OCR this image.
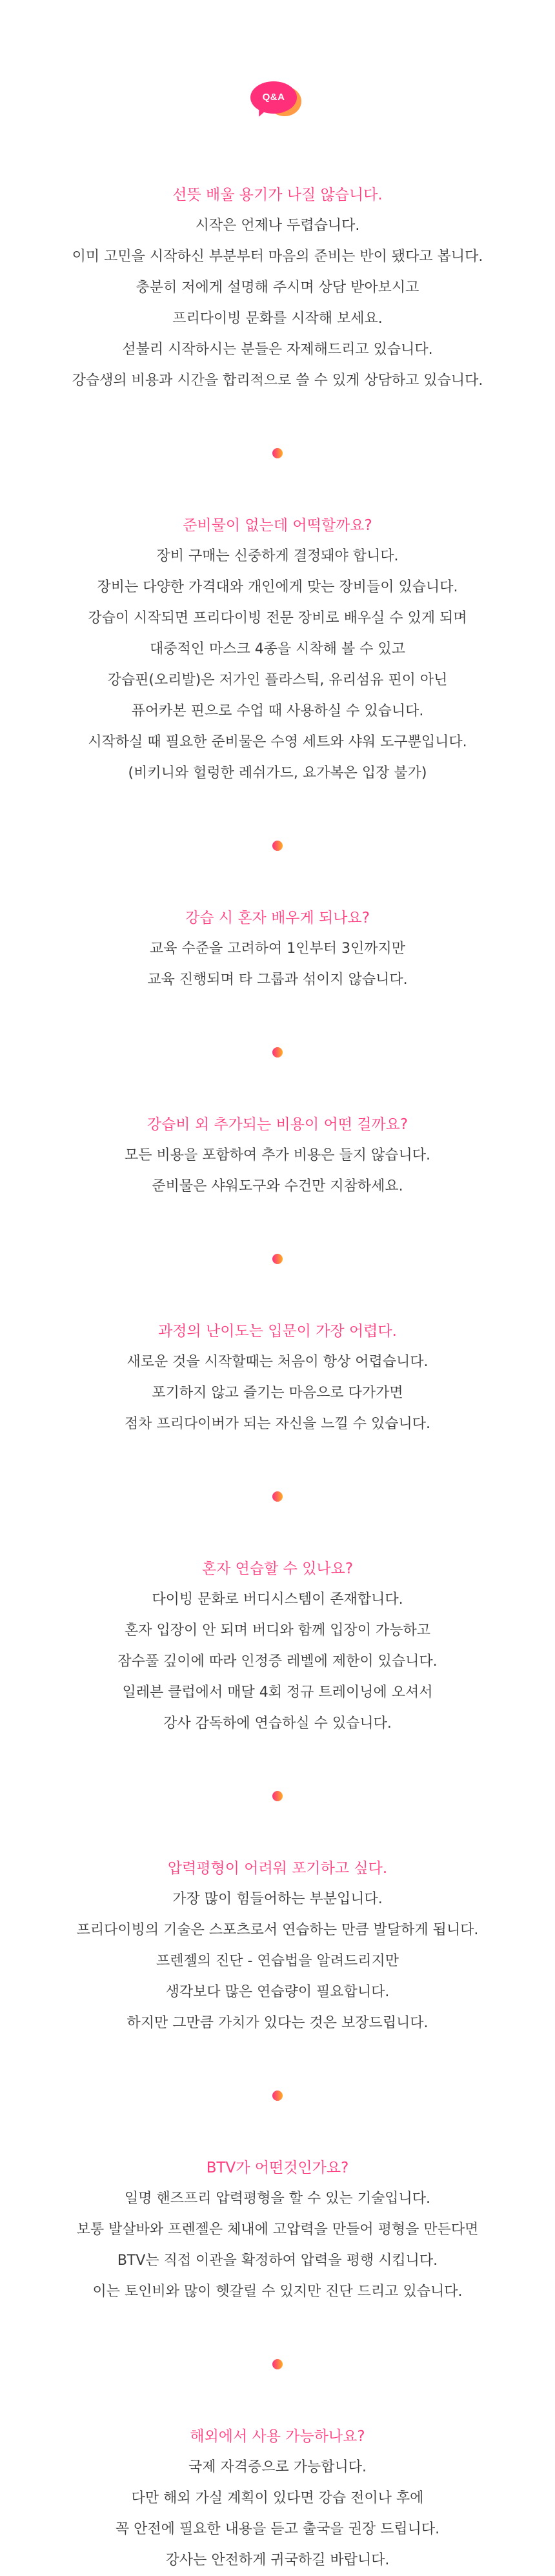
Q&A
선뜻 배울 용기가 나질 않습니다.

시작은 언제나 두렵습니다.

이미 고민을 시작하신 부분부터 마음의 준비는 반이 됐다고 봅니다.

충분히 저에게 설명해 주시며 상담 받아보시고

프리다이빙 문화를 시작해 보세요.

섣불리 시작하시는 분들은 자제해드리고 있습니다.

강습생의 비용과 시간을 합리적으로 쓸 수 있게 상담하고 있습니다.

준비물이 없는데 어떡할까요?

장비 구매는 신중하게 결정돼야 합니다.

장비는 다양한 가격대와 개인에게 맞는 장비들이 있습니다.

강습이 시작되면 프리다이빙 전문 장비로 배우실 수 있게 되며

대중적인 마스크 4종을 시착해 볼 수 있고

강습핀(오리발)은 저가인 플라스틱, 유리섬유 핀이 아닌

퓨어카본 핀으로 수업 때 사용하실 수 있습니다.

시작하실 때 필요한 준비물은 수영 세트와 샤워 도구뿐입니다.

(비키니와 헐렁한 레쉬가드, 요가복은 입장 불가)

강습 시 혼자 배우게 되나요?

교육 수준을 고려하여 1인부터 3인까지만

교육 진행되며 타 그룹과 섞이지 않습니다.

강습비 외 추가되는 비용이 어떤 걸까요?

모든 비용을 포함하여 추가 비용은 들지 않습니다.

준비물은 샤워도구와 수건만 지참하세요.

과정의 난이도는 입문이 가장 어렵다.

새로운 것을 시작할때는 처음이 항상 어렵습니다.

포기하지 않고 즐기는 마음으로 다가가면

점차 프리다이버가 되는 자신을 느낄 수 있습니다.

혼자 연습할 수 있나요?

다이빙 문화로 버디시스템이 존재합니다.

혼자 입장이 안 되며 버디와 함께 입장이 가능하고

잠수풀 깊이에 따라 인정증 레벨에 제한이 있습니다.

일레븐 클럽에서 매달 4회 정규 트레이닝에 오셔서

강사 감독하에 연습하실 수 있습니다.

압력평형이 어려워 포기하고 싶다.

가장 많이 힘들어하는 부분입니다.

프리다이빙의 기술은 스포츠로서 연습하는 만큼 발달하게 됩니다.

프렌젤의 진단 - 연습법을 알려드리지만

생각보다 많은 연습량이 필요합니다.

하지만 그만큼 가치가 있다는 것은 보장드립니다.

BTV가 어떤것인가요?

일명 핸즈프리 압력평형을 할 수 있는 기술입니다.

보통 발살바와 프렌젤은 체내에 고압력을 만들어 평형을 만든다면

BTV는 직접 이관을 확정하여 압력을 평행 시킵니다.

이는 토인비와 많이 헷갈릴 수 있지만 진단 드리고 있습니다.

해외에서 사용 가능하나요?

국제 자격증으로 가능합니다.

다만 해외 가실 계획이 있다면 강습 전이나 후에

꼭 안전에 필요한 내용을 듣고 출국을 권장 드립니다.

강사는 안전하게 귀국하길 바랍니다.
